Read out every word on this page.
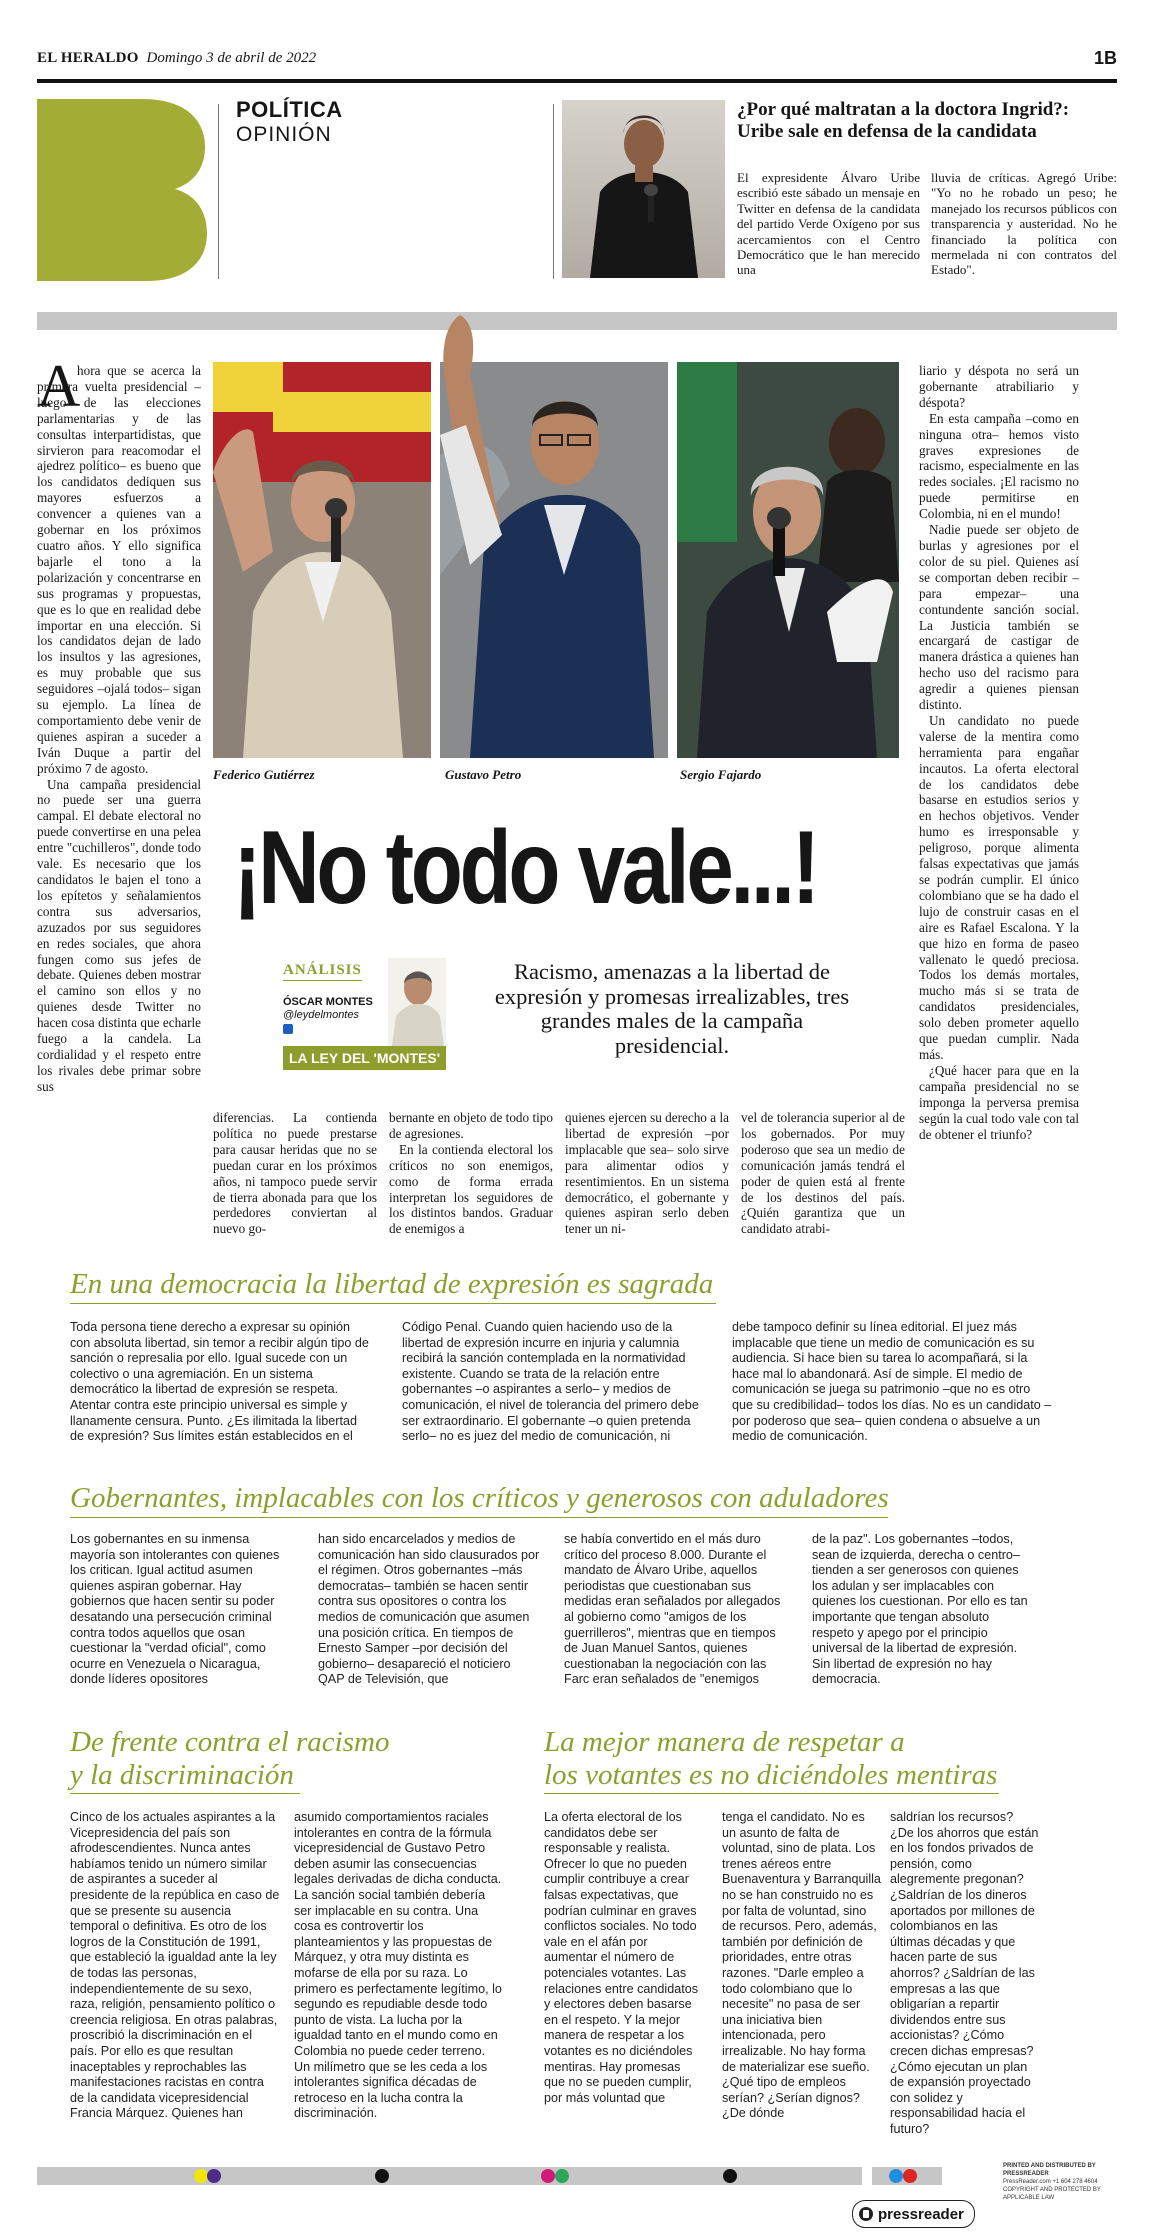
EL HERALDO Domingo 3 de abril de 2022	1B
POLÍTICA
OPINIÓN
¿Por qué maltratan a la doctora Ingrid?: Uribe sale en defensa de la candidata
El expresidente Álvaro Uribe escribió este sábado un mensaje en Twitter en defensa de la candidata del partido Verde Oxígeno por sus acercamientos con el Centro Democrático que le han merecido una
lluvia de críticas. Agregó Uribe: "Yo no he robado un peso; he manejado los recursos públicos con transparencia y austeridad. No he financiado la política con mermelada ni con contratos del Estado".
Federico Gutiérrez	Gustavo Petro	Sergio Fajardo
¡No todo vale...!
ANÁLISIS
ÓSCAR MONTES
@leydelmontes
LA LEY DEL 'MONTES'
Racismo, amenazas a la libertad de expresión y promesas irrealizables, tres grandes males de la campaña presidencial.
A

hora que se acerca la primera vuelta presidencial –luego de las elecciones parlamentarias y de las consultas interpartidistas, que sirvieron para reacomodar el ajedrez político– es bueno que los candidatos dediquen sus mayores esfuerzos a convencer a quienes van a gobernar en los próximos cuatro años. Y ello significa bajarle el tono a la polarización y concentrarse en sus programas y propuestas, que es lo que en realidad debe importar en una elección. Si los candidatos dejan de lado los insultos y las agresiones, es muy probable que sus seguidores –ojalá todos– sigan su ejemplo. La línea de comportamiento debe venir de quienes aspiran a suceder a Iván Duque a partir del próximo 7 de agosto.

Una campaña presidencial no puede ser una guerra campal. El debate electoral no puede convertirse en una pelea entre "cuchilleros", donde todo vale. Es necesario que los candidatos le bajen el tono a los epítetos y señalamientos contra sus adversarios, azuzados por sus seguidores en redes sociales, que ahora fungen como sus jefes de debate. Quienes deben mostrar el camino son ellos y no quienes desde Twitter no hacen cosa distinta que echarle fuego a la candela. La cordialidad y el respeto entre los rivales debe primar sobre sus

diferencias. La contienda política no puede prestarse para causar heridas que no se puedan curar en los próximos años, ni tampoco puede servir de tierra abonada para que los perdedores conviertan al nuevo go-

bernante en objeto de todo tipo de agresiones.

En la contienda electoral los críticos no son enemigos, como de forma errada interpretan los seguidores de los distintos bandos. Graduar de enemigos a

quienes ejercen su derecho a la libertad de expresión –por implacable que sea– solo sirve para alimentar odios y resentimientos. En un sistema democrático, el gobernante y quienes aspiran serlo deben tener un ni-
vel de tolerancia superior al de los gobernados. Por muy poderoso que sea un medio de comunicación jamás tendrá el poder de quien está al frente de los destinos del país. ¿Quién garantiza que un candidato atrabi-

liario y déspota no será un gobernante atrabiliario y déspota?

En esta campaña –como en ninguna otra– hemos visto graves expresiones de racismo, especialmente en las redes sociales. ¡El racismo no puede permitirse en Colombia, ni en el mundo!

Nadie puede ser objeto de burlas y agresiones por el color de su piel. Quienes así se comportan deben recibir –para empezar– una contundente sanción social. La Justicia también se encargará de castigar de manera drástica a quienes han hecho uso del racismo para agredir a quienes piensan distinto.

Un candidato no puede valerse de la mentira como herramienta para engañar incautos. La oferta electoral de los candidatos debe basarse en estudios serios y en hechos objetivos. Vender humo es irresponsable y peligroso, porque alimenta falsas expectativas que jamás se podrán cumplir. El único colombiano que se ha dado el lujo de construir casas en el aire es Rafael Escalona. Y la que hizo en forma de paseo vallenato le quedó preciosa. Todos los demás mortales, mucho más si se trata de candidatos presidenciales, solo deben prometer aquello que puedan cumplir. Nada más.

¿Qué hacer para que en la campaña presidencial no se imponga la perversa premisa según la cual todo vale con tal de obtener el triunfo?

En una democracia la libertad de expresión es sagrada
Toda persona tiene derecho a expresar su opinión con absoluta libertad, sin temor a recibir algún tipo de sanción o represalia por ello. Igual sucede con un colectivo o una agremiación. En un sistema democrático la libertad de expresión se respeta. Atentar contra este principio universal es simple y llanamente censura. Punto. ¿Es ilimitada la libertad de expresión? Sus límites están establecidos en el
Código Penal. Cuando quien haciendo uso de la libertad de expresión incurre en injuria y calumnia recibirá la sanción contemplada en la normatividad existente. Cuando se trata de la relación entre gobernantes –o aspirantes a serlo– y medios de comunicación, el nivel de tolerancia del primero debe ser extraordinario. El gobernante –o quien pretenda serlo– no es juez del medio de comunicación, ni
debe tampoco definir su línea editorial. El juez más implacable que tiene un medio de comunicación es su audiencia. Si hace bien su tarea lo acompañará, si la hace mal lo abandonará. Así de simple. El medio de comunicación se juega su patrimonio –que no es otro que su credibilidad– todos los días. No es un candidato –por poderoso que sea– quien condena o absuelve a un medio de comunicación.
Gobernantes, implacables con los críticos y generosos con aduladores
Los gobernantes en su inmensa mayoría son intolerantes con quienes los critican. Igual actitud asumen quienes aspiran gobernar. Hay gobiernos que hacen sentir su poder desatando una persecución criminal contra todos aquellos que osan cuestionar la "verdad oficial", como ocurre en Venezuela o Nicaragua, donde líderes opositores
han sido encarcelados y medios de comunicación han sido clausurados por el régimen. Otros gobernantes –más democratas– también se hacen sentir contra sus opositores o contra los medios de comunicación que asumen una posición crítica. En tiempos de Ernesto Samper –por decisión del gobierno– desapareció el noticiero QAP de Televisión, que
se había convertido en el más duro crítico del proceso 8.000. Durante el mandato de Álvaro Uribe, aquellos periodistas que cuestionaban sus medidas eran señalados por allegados al gobierno como "amigos de los guerrilleros", mientras que en tiempos de Juan Manuel Santos, quienes cuestionaban la negociación con las Farc eran señalados de "enemigos
de la paz". Los gobernantes –todos, sean de izquierda, derecha o centro– tienden a ser generosos con quienes los adulan y ser implacables con quienes los cuestionan. Por ello es tan importante que tengan absoluto respeto y apego por el principio universal de la libertad de expresión. Sin libertad de expresión no hay democracia.
De frente contra el racismo
y la discriminación
Cinco de los actuales aspirantes a la Vicepresidencia del país son afrodescendientes. Nunca antes habíamos tenido un número similar de aspirantes a suceder al presidente de la república en caso de que se presente su ausencia temporal o definitiva. Es otro de los logros de la Constitución de 1991, que estableció la igualdad ante la ley de todas las personas, independientemente de su sexo, raza, religión, pensamiento político o creencia religiosa. En otras palabras, proscribió la discriminación en el país. Por ello es que resultan inaceptables y reprochables las manifestaciones racistas en contra de la candidata vicepresidencial Francia Márquez. Quienes han
asumido comportamientos raciales intolerantes en contra de la fórmula vicepresidencial de Gustavo Petro deben asumir las consecuencias legales derivadas de dicha conducta. La sanción social también debería ser implacable en su contra. Una cosa es controvertir los planteamientos y las propuestas de Márquez, y otra muy distinta es mofarse de ella por su raza. Lo primero es perfectamente legítimo, lo segundo es repudiable desde todo punto de vista. La lucha por la igualdad tanto en el mundo como en Colombia no puede ceder terreno. Un milímetro que se les ceda a los intolerantes significa décadas de retroceso en la lucha contra la discriminación.
La mejor manera de respetar a
los votantes es no diciéndoles mentiras
La oferta electoral de los candidatos debe ser responsable y realista. Ofrecer lo que no pueden cumplir contribuye a crear falsas expectativas, que podrían culminar en graves conflictos sociales. No todo vale en el afán por aumentar el número de potenciales votantes. Las relaciones entre candidatos y electores deben basarse en el respeto. Y la mejor manera de respetar a los votantes es no diciéndoles mentiras. Hay promesas que no se pueden cumplir, por más voluntad que
tenga el candidato. No es un asunto de falta de voluntad, sino de plata. Los trenes aéreos entre Buenaventura y Barranquilla no se han construido no es por falta de voluntad, sino de recursos. Pero, además, también por definición de prioridades, entre otras razones. "Darle empleo a todo colombiano que lo necesite" no pasa de ser una iniciativa bien intencionada, pero irrealizable. No hay forma de materializar ese sueño. ¿Qué tipo de empleos serían? ¿Serían dignos? ¿De dónde
saldrían los recursos? ¿De los ahorros que están en los fondos privados de pensión, como alegremente pregonan? ¿Saldrían de los dineros aportados por millones de colombianos en las últimas décadas y que hacen parte de sus ahorros? ¿Saldrían de las empresas a las que obligarían a repartir dividendos entre sus accionistas? ¿Cómo crecen dichas empresas? ¿Cómo ejecutan un plan de expansión proyectado con solidez y responsabilidad hacia el futuro?
PRINTED AND DISTRIBUTED BY PRESSREADER
PressReader.com +1 604 278 4604
COPYRIGHT AND PROTECTED BY APPLICABLE LAW
pressreader
